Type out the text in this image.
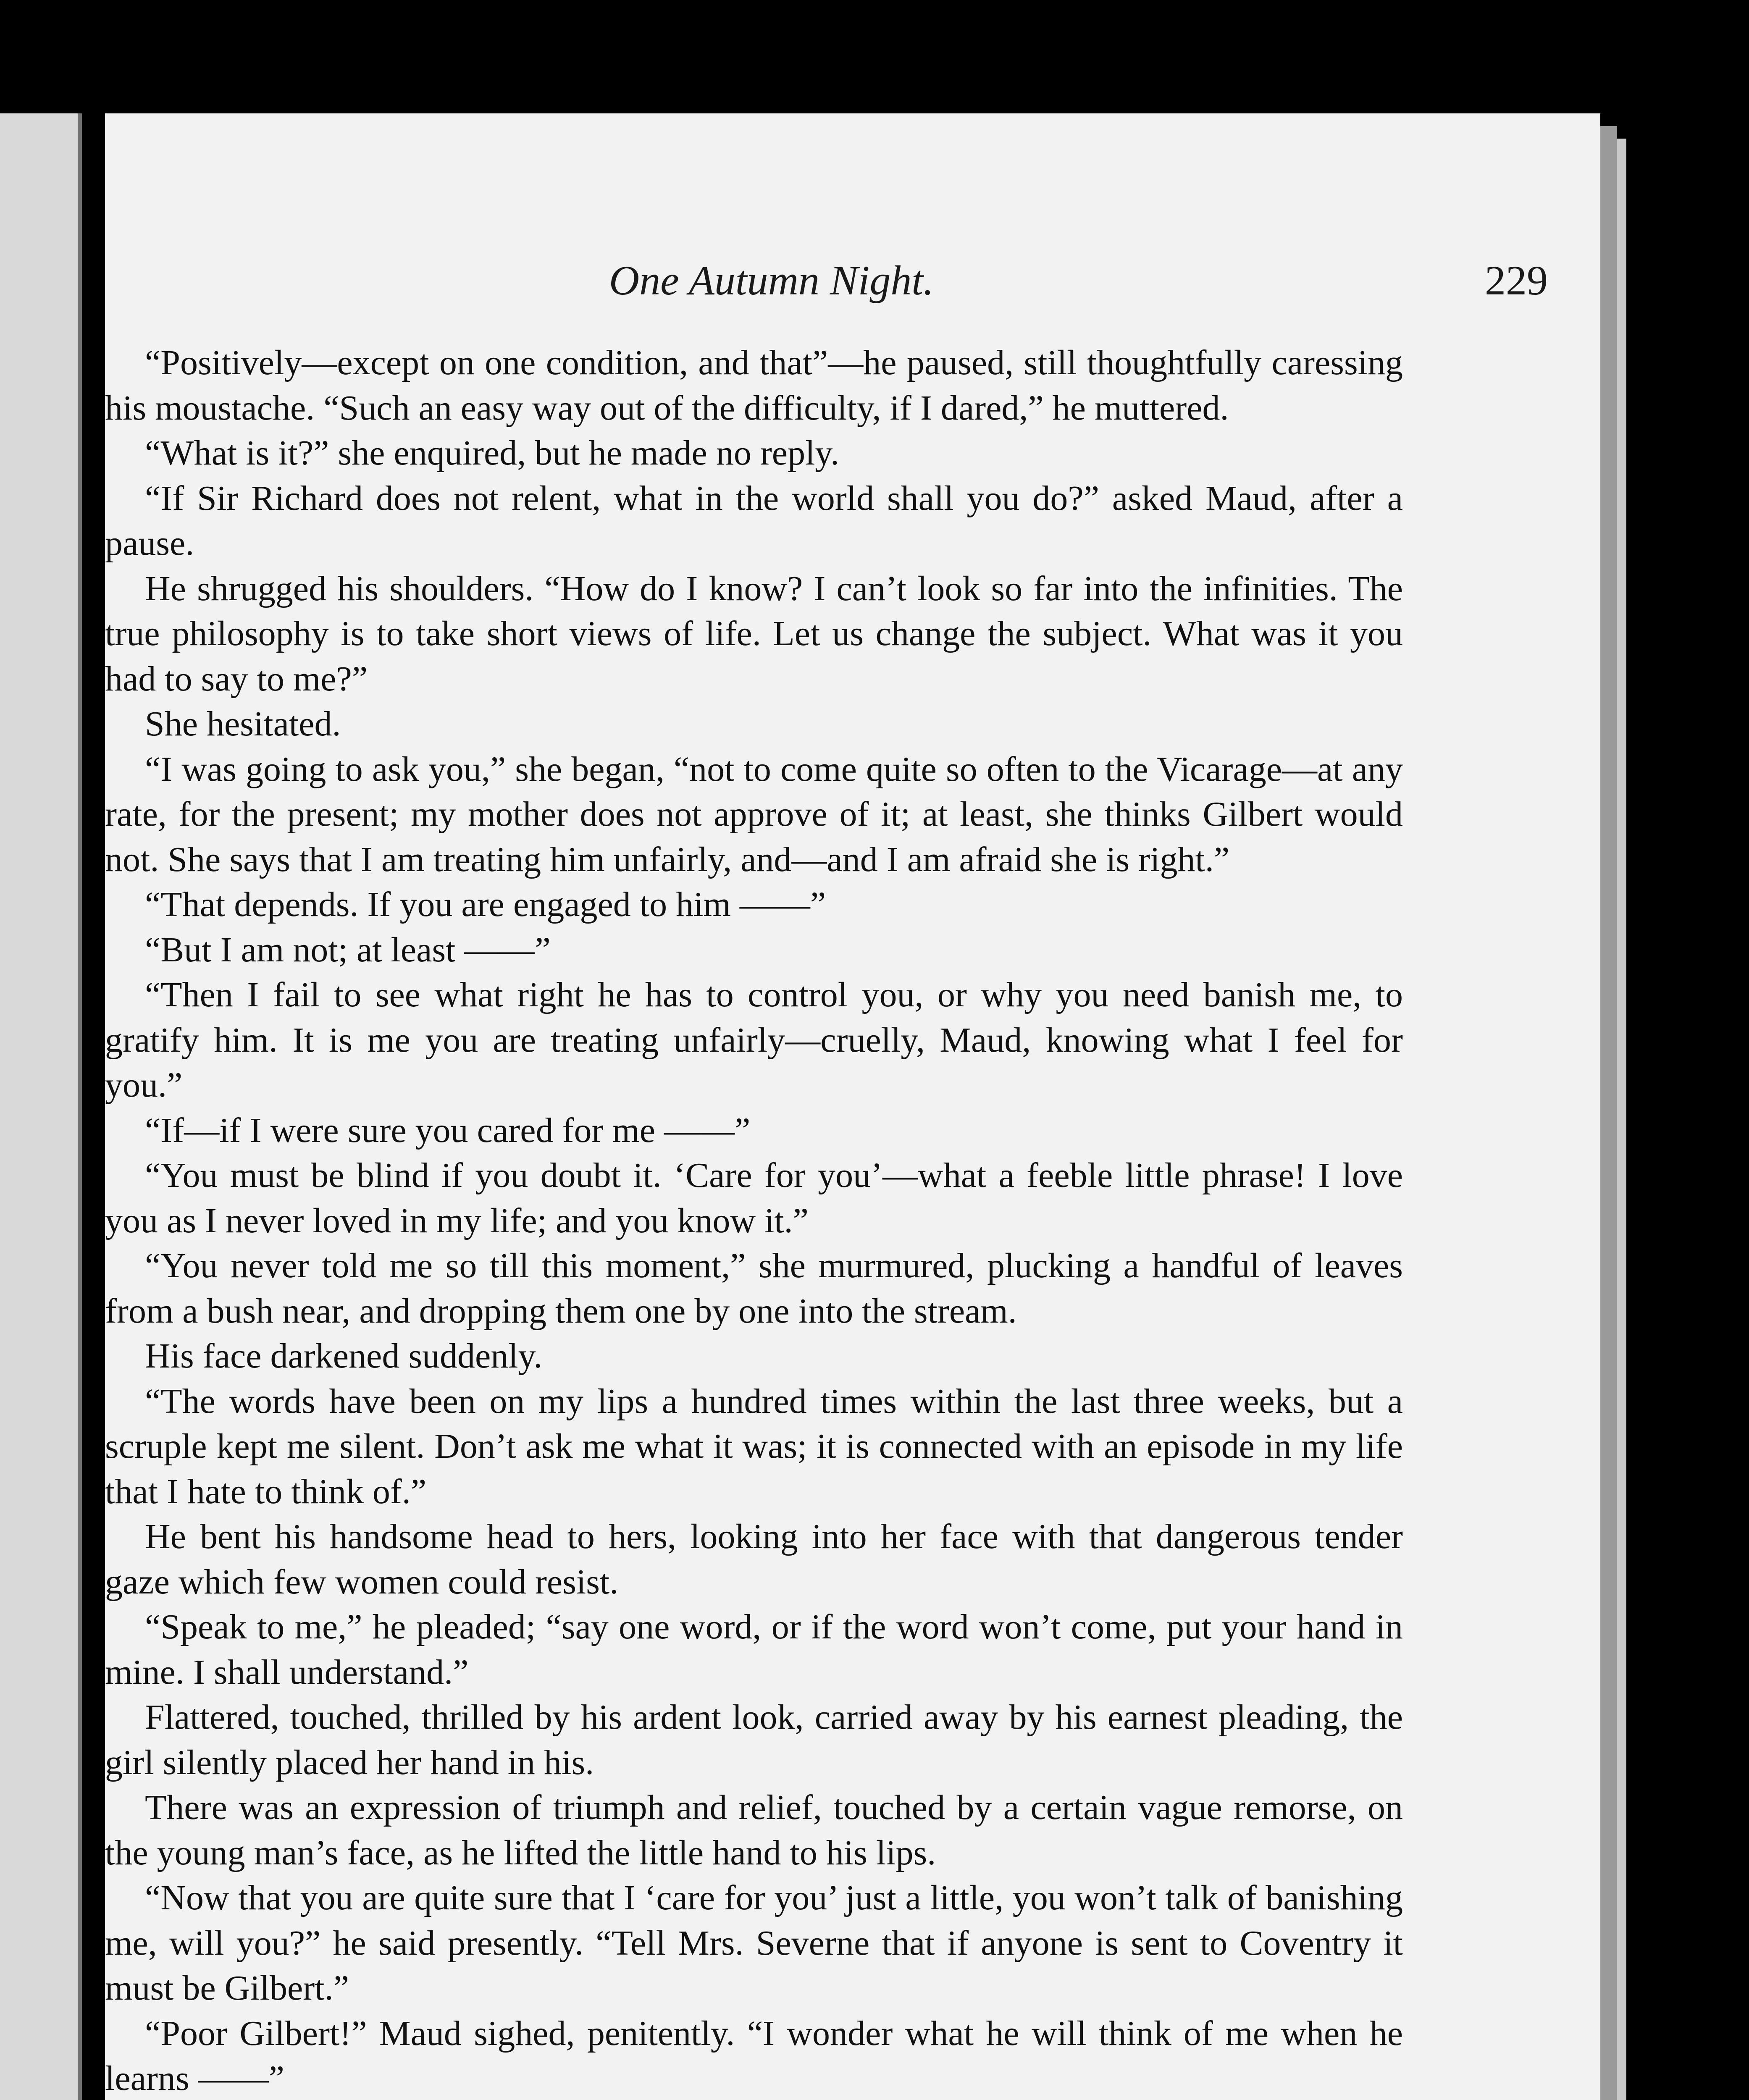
One Autumn Night.	229

“Positively—except on one condition, and that”—he paused, still thoughtfully caressing his moustache. “Such an easy way out of the difficulty, if I dared,” he muttered.

“What is it?” she enquired, but he made no reply.

“If Sir Richard does not relent, what in the world shall you do?” asked Maud, after a pause.

He shrugged his shoulders. “How do I know? I can’t look so far into the infinities. The true philosophy is to take short views of life. Let us change the subject. What was it you had to say to me?”

She hesitated.

“I was going to ask you,” she began, “not to come quite so often to the Vicarage—at any rate, for the present; my mother does not approve of it; at least, she thinks Gilbert would not. She says that I am treating him unfairly, and—and I am afraid she is right.”

“That depends. If you are engaged to him ——”

“But I am not; at least ——”

“Then I fail to see what right he has to control you, or why you need banish me, to gratify him. It is me you are treating unfairly—cruelly, Maud, knowing what I feel for you.”

“If—if I were sure you cared for me ——”

“You must be blind if you doubt it. ‘Care for you’—what a feeble little phrase! I love you as I never loved in my life; and you know it.”

“You never told me so till this moment,” she murmured, plucking a handful of leaves from a bush near, and dropping them one by one into the stream.

His face darkened suddenly.

“The words have been on my lips a hundred times within the last three weeks, but a scruple kept me silent. Don’t ask me what it was; it is connected with an episode in my life that I hate to think of.”

He bent his handsome head to hers, looking into her face with that dangerous tender gaze which few women could resist.

“Speak to me,” he pleaded; “say one word, or if the word won’t come, put your hand in mine. I shall understand.”

Flattered, touched, thrilled by his ardent look, carried away by his earnest pleading, the girl silently placed her hand in his.

There was an expression of triumph and relief, touched by a certain vague remorse, on the young man’s face, as he lifted the little hand to his lips.

“Now that you are quite sure that I ‘care for you’ just a little, you won’t talk of banishing me, will you?” he said presently. “Tell Mrs. Severne that if anyone is sent to Coventry it must be Gilbert.”

“Poor Gilbert!” Maud sighed, penitently. “I wonder what he will think of me when he learns ——”
